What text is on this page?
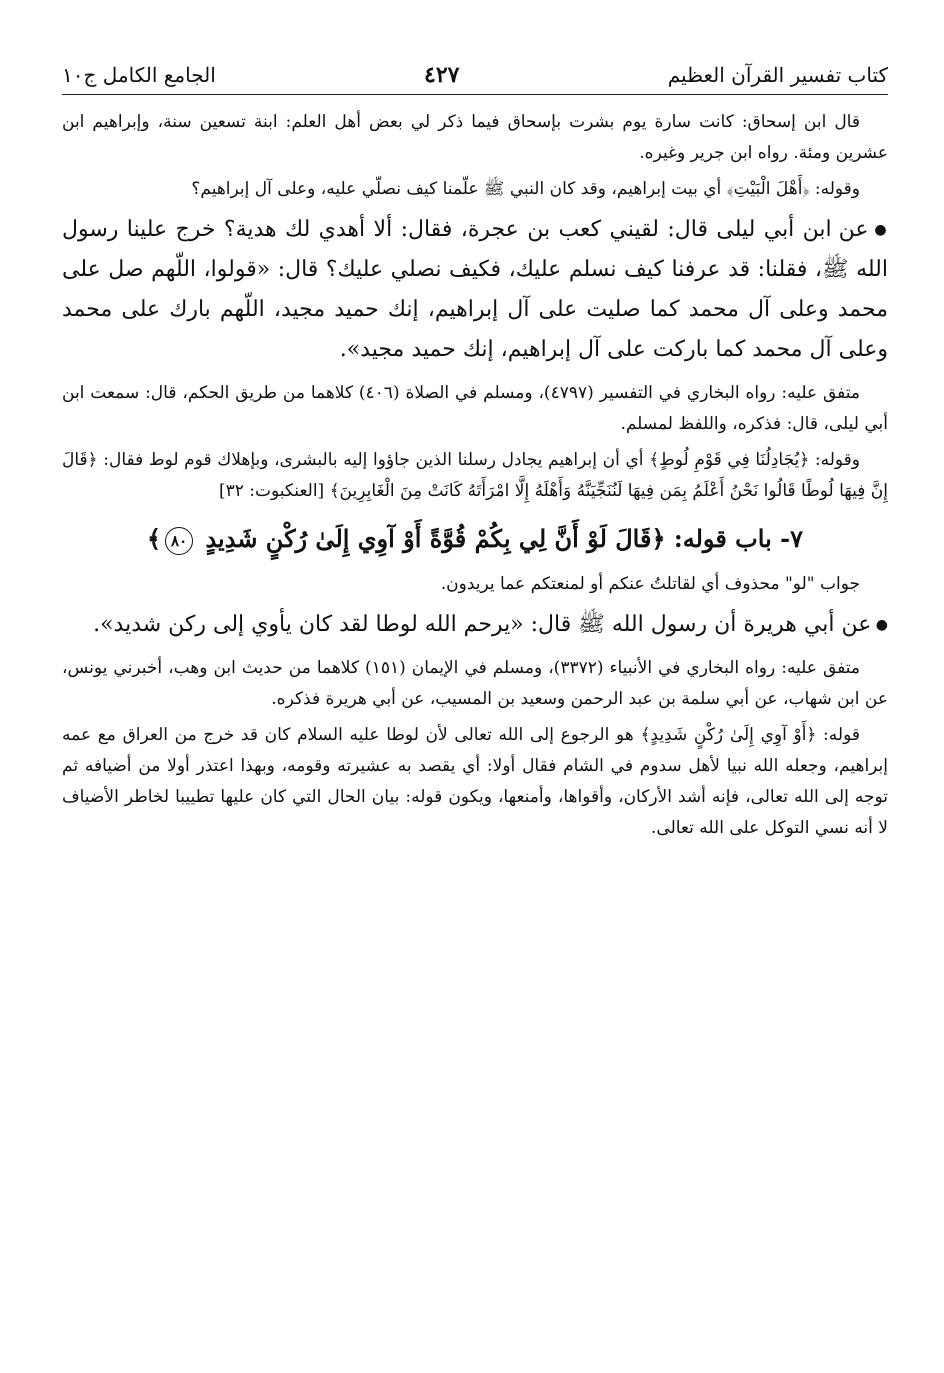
كتاب تفسير القرآن العظيم
٤٢٧
الجامع الكامل ج١٠

قال ابن إسحاق: كانت سارة يوم بشرت بإسحاق فيما ذكر لي بعض أهل العلم: ابنة تسعين سنة، وإبراهيم ابن عشرين ومئة. رواه ابن جرير وغيره.

وقوله: ﴿أَهْلَ الْبَيْتِ﴾ أي بيت إبراهيم، وقد كان النبي ﷺ علّمنا كيف نصلّي عليه، وعلى آل إبراهيم؟

● عن ابن أبي ليلى قال: لقيني كعب بن عجرة، فقال: ألا أهدي لك هدية؟ خرج علينا رسول الله ﷺ، فقلنا: قد عرفنا كيف نسلم عليك، فكيف نصلي عليك؟ قال: «قولوا، اللّهم صل على محمد وعلى آل محمد كما صليت على آل إبراهيم، إنك حميد مجيد، اللّهم بارك على محمد وعلى آل محمد كما باركت على آل إبراهيم، إنك حميد مجيد».

متفق عليه: رواه البخاري في التفسير (٤٧٩٧)، ومسلم في الصلاة (٤٠٦) كلاهما من طريق الحكم، قال: سمعت ابن أبي ليلى، قال: فذكره، واللفظ لمسلم.

وقوله: ﴿يُجَادِلُنَا فِي قَوْمِ لُوطٍ﴾ أي أن إبراهيم يجادل رسلنا الذين جاؤوا إليه بالبشرى، وبإهلاك قوم لوط فقال: ﴿قَالَ إِنَّ فِيهَا لُوطًا قَالُوا نَحْنُ أَعْلَمُ بِمَن فِيهَا لَنُنَجِّيَنَّهُ وَأَهْلَهُ إِلَّا امْرَأَتَهُ كَانَتْ مِنَ الْغَابِرِينَ﴾ [العنكبوت: ٣٢]

٧- باب قوله: ﴿قَالَ لَوْ أَنَّ لِي بِكُمْ قُوَّةً أَوْ آوِي إِلَىٰ رُكْنٍ شَدِيدٍ ٨٠﴾

جواب "لو" محذوف أي لقاتلتُ عنكم أو لمنعتكم عما يريدون.

● عن أبي هريرة أن رسول الله ﷺ قال: «يرحم الله لوطا لقد كان يأوي إلى ركن شديد».

متفق عليه: رواه البخاري في الأنبياء (٣٣٧٢)، ومسلم في الإيمان (١٥١) كلاهما من حديث ابن وهب، أخبرني يونس، عن ابن شهاب، عن أبي سلمة بن عبد الرحمن وسعيد بن المسيب، عن أبي هريرة فذكره.

قوله: ﴿أَوْ آوِي إِلَىٰ رُكْنٍ شَدِيدٍ﴾ هو الرجوع إلى الله تعالى لأن لوطا عليه السلام كان قد خرج من العراق مع عمه إبراهيم، وجعله الله نبيا لأهل سدوم في الشام فقال أولا: أي يقصد به عشيرته وقومه، وبهذا اعتذر أولا من أضيافه ثم توجه إلى الله تعالى، فإنه أشد الأركان، وأقواها، وأمنعها، ويكون قوله: بيان الحال التي كان عليها تطييبا لخاطر الأضياف لا أنه نسي التوكل على الله تعالى.
